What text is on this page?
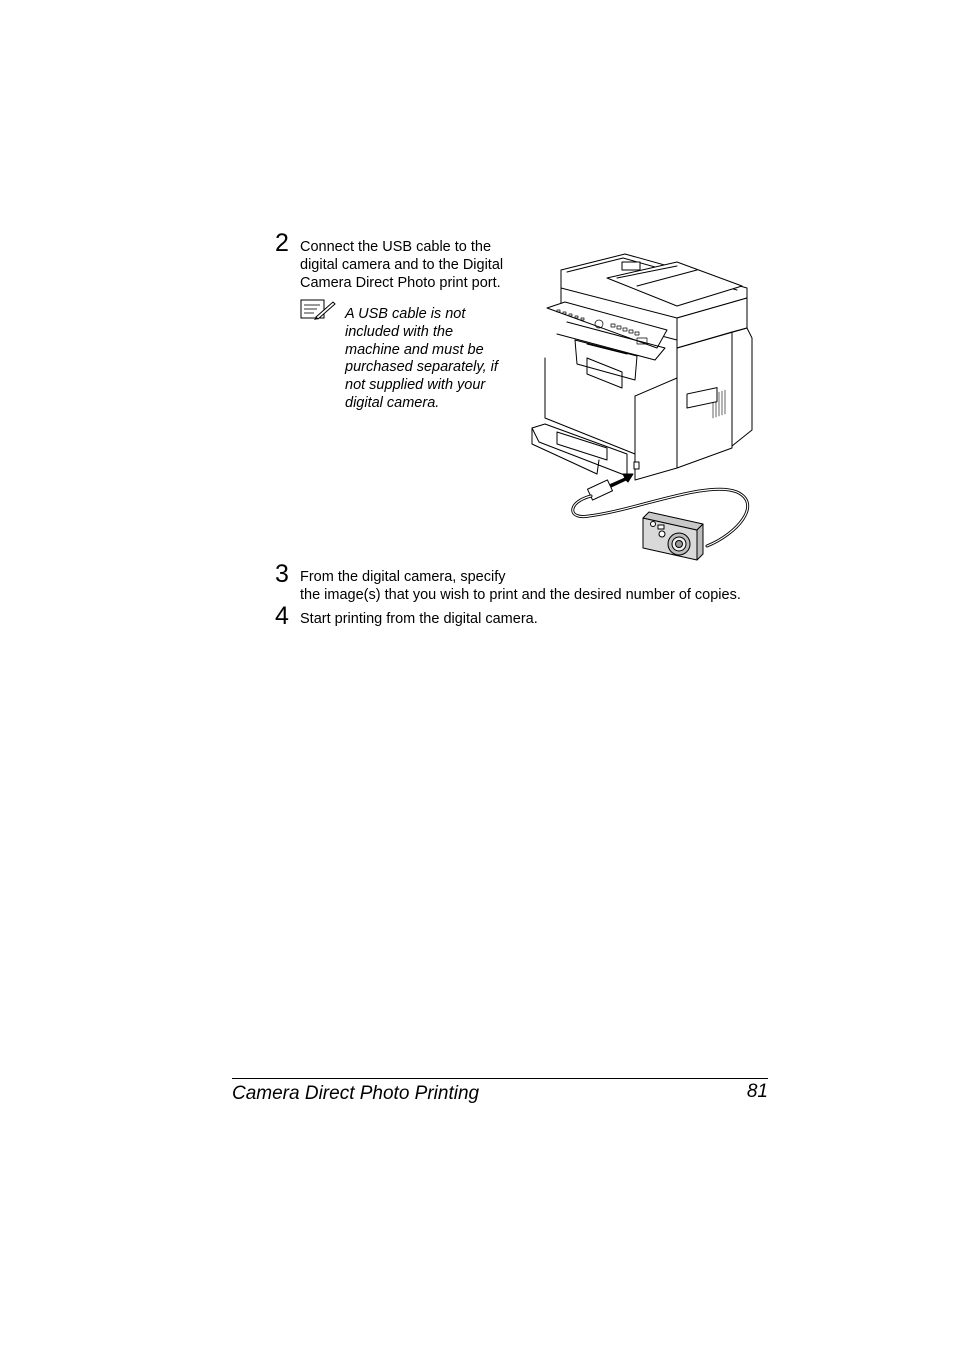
2 Connect the USB cable to the
digital camera and to the Digital
Camera Direct Photo print port.
A USB cable is not
included with the
machine and must be
purchased separately, if
not supplied with your
digital camera.
3 From the digital camera, specify
the image(s) that you wish to print and the desired number of copies.
4 Start printing from the digital camera.
Camera Direct Photo Printing	81
